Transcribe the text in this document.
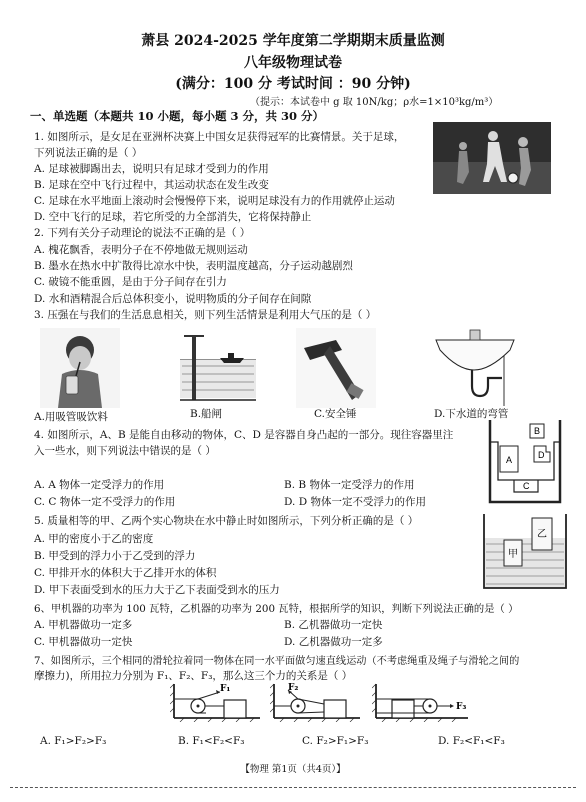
萧县 2024-2025 学年度第二学期期末质量监测
八年级物理试卷
(满分：100 分 考试时间 ：90 分钟)
（提示：本试卷中 g 取 10N/kg；ρ水=1×10³kg/m³）
一、单选题（本题共 10 小题，每小题 3 分，共 30 分）
1. 如图所示，是女足在亚洲杯决赛上中国女足获得冠军的比赛情景。关于足球，
下列说法正确的是（ ）
A. 足球被脚踢出去，说明只有足球才受到力的作用
B. 足球在空中飞行过程中，其运动状态在发生改变
C. 足球在水平地面上滚动时会慢慢停下来，说明足球没有力的作用就停止运动
D. 空中飞行的足球，若它所受的力全部消失，它将保持静止
2. 下列有关分子动理论的说法不正确的是（ ）
A. 槐花飘香，表明分子在不停地做无规则运动
B. 墨水在热水中扩散得比凉水中快，表明温度越高，分子运动越剧烈
C. 破镜不能重圆，是由于分子间存在引力
D. 水和酒精混合后总体积变小，说明物质的分子间存在间隙
3. 压强在与我们的生活息息相关，则下列生活情景是利用大气压的是（ ）
A.用吸管吸饮料	B.船闸	C.安全锤	D.下水道的弯管
4. 如图所示，A、B 是能自由移动的物体，C、D 是容器自身凸起的一部分。现往容器里注
入一些水，则下列说法中错误的是（ ）
A. A 物体一定受浮力的作用	B. B 物体一定受浮力的作用
C. C 物体一定不受浮力的作用	D. D 物体一定不受浮力的作用
A
B
D
C
5. 质量相等的甲、乙两个实心物块在水中静止时如图所示，下列分析正确的是（ ）
A. 甲的密度小于乙的密度
B. 甲受到的浮力小于乙受到的浮力
C. 甲排开水的体积大于乙排开水的体积
D. 甲下表面受到水的压力大于乙下表面受到水的压力
甲
乙
6、甲机器的功率为 100 瓦特，乙机器的功率为 200 瓦特，根据所学的知识，判断下列说法正确的是（ ）
A. 甲机器做功一定多	B. 乙机器做功一定快
C. 甲机器做功一定快	D. 乙机器做功一定多
7、如图所示，三个相同的滑轮拉着同一物体在同一水平面做匀速直线运动（不考虑绳重及绳子与滑轮之间的
摩擦力)，所用拉力分别为 F₁、F₂、F₃，那么这三个力的关系是（ ）
F₁	F₂
F₃
A. F₁>F₂>F₃	B. F₁<F₂<F₃	C. F₂>F₁>F₃	D. F₂<F₁<F₃
【物理 第1页（共4页）】
